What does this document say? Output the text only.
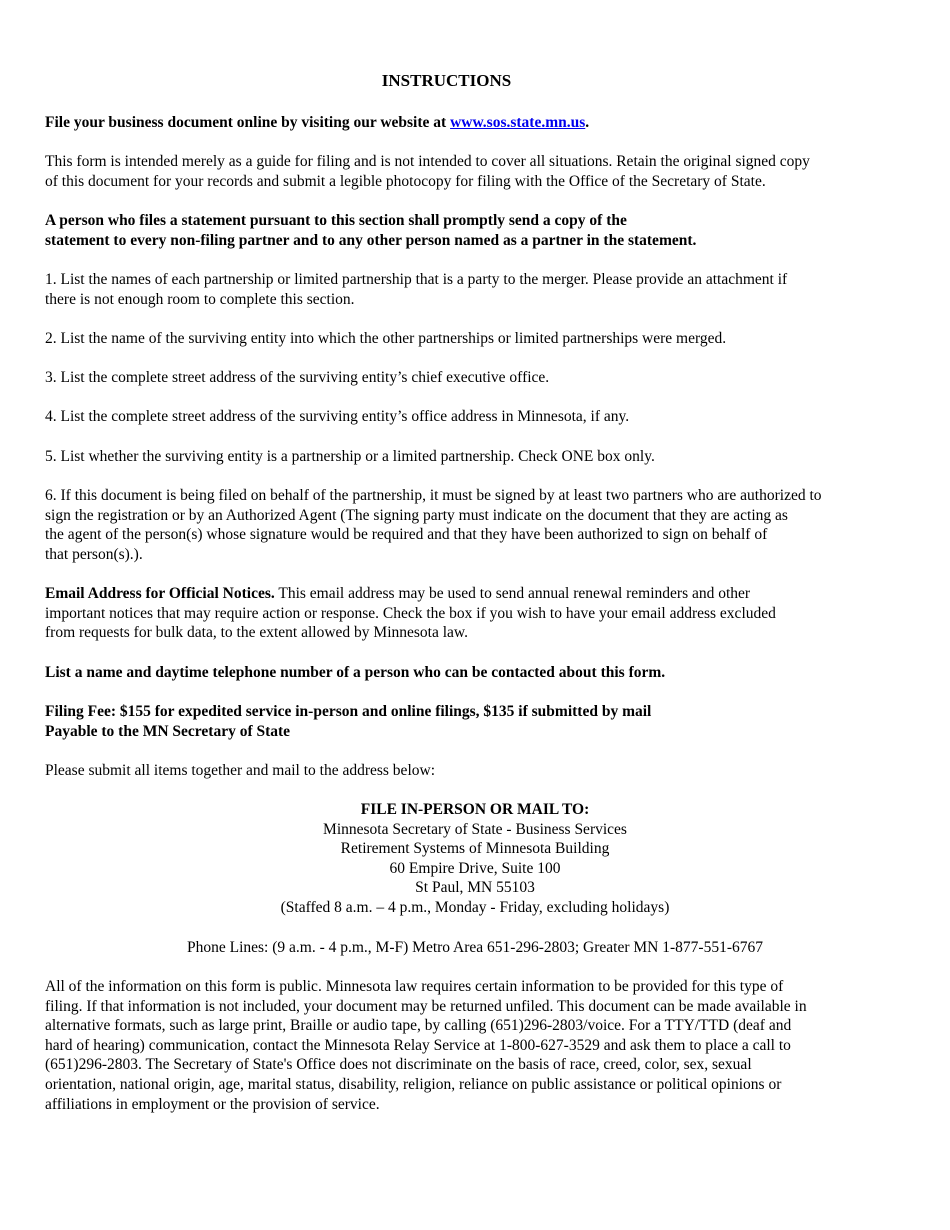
INSTRUCTIONS

File your business document online by visiting our website at www.sos.state.mn.us.

This form is intended merely as a guide for filing and is not intended to cover all situations. Retain the original signed copy
of this document for your records and submit a legible photocopy for filing with the Office of the Secretary of State.

A person who files a statement pursuant to this section shall promptly send a copy of the
statement to every non-filing partner and to any other person named as a partner in the statement.

1. List the names of each partnership or limited partnership that is a party to the merger. Please provide an attachment if
there is not enough room to complete this section.

2. List the name of the surviving entity into which the other partnerships or limited partnerships were merged.

3. List the complete street address of the surviving entity’s chief executive office.

4. List the complete street address of the surviving entity’s office address in Minnesota, if any.

5. List whether the surviving entity is a partnership or a limited partnership. Check ONE box only.

6. If this document is being filed on behalf of the partnership, it must be signed by at least two partners who are authorized to
sign the registration or by an Authorized Agent (The signing party must indicate on the document that they are acting as
the agent of the person(s) whose signature would be required and that they have been authorized to sign on behalf of
that person(s).).

Email Address for Official Notices. This email address may be used to send annual renewal reminders and other
important notices that may require action or response. Check the box if you wish to have your email address excluded
from requests for bulk data, to the extent allowed by Minnesota law.

List a name and daytime telephone number of a person who can be contacted about this form.

Filing Fee: $155 for expedited service in-person and online filings, $135 if submitted by mail
Payable to the MN Secretary of State

Please submit all items together and mail to the address below:

FILE IN-PERSON OR MAIL TO:
Minnesota Secretary of State - Business Services
Retirement Systems of Minnesota Building
60 Empire Drive, Suite 100
St Paul, MN 55103
(Staffed 8 a.m. – 4 p.m., Monday - Friday, excluding holidays)

Phone Lines: (9 a.m. - 4 p.m., M-F) Metro Area 651-296-2803; Greater MN 1-877-551-6767

All of the information on this form is public. Minnesota law requires certain information to be provided for this type of
filing. If that information is not included, your document may be returned unfiled. This document can be made available in
alternative formats, such as large print, Braille or audio tape, by calling (651)296-2803/voice. For a TTY/TTD (deaf and
hard of hearing) communication, contact the Minnesota Relay Service at 1-800-627-3529 and ask them to place a call to
(651)296-2803. The Secretary of State's Office does not discriminate on the basis of race, creed, color, sex, sexual
orientation, national origin, age, marital status, disability, religion, reliance on public assistance or political opinions or
affiliations in employment or the provision of service.
